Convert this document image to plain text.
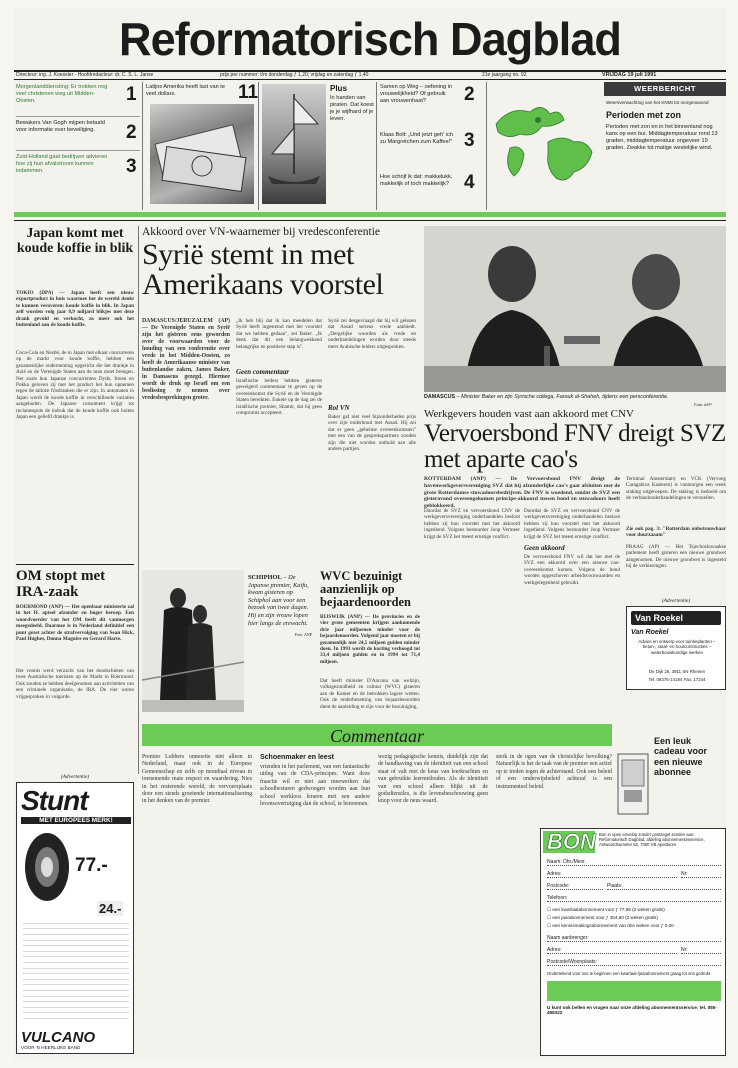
Reformatorisch Dagblad
Directeur: ing. J. Koessler - Hoofdredacteur: dr. C. S. L. Janse	prijs per nummer: t/m donderdag ƒ 1,20; vrijdag en zaterdag ƒ 1,40	21e jaargang no. 92	VRIJDAG 19 juli 1991
Morgenlanddiensting: Er trokken nog veel christenen weg uit Midden-Oosten.	1
Bewakers Van Gogh mijpen betaald voor informatie over beveiliging.	2
Zuid-Holland gaat bedrijven advieren hoe zij hun afvalstroom kunnen indammen.	3
Latijns Amerika heeft last van te veel dollars.	11	Plus
In handen van piraten. Dat koest je je wijfhard of je leven.
Samen op Weg – oefening in vrouwelijkheid? Of gebruik aan vrouwenhaat?	2
Klaas Bolt: „Und jetzt geh' ich zu Margretchen zum Kaffee!" 3
Hoe schrijf ik dat: makkelukk, makkelijk of toch makkelijk? 4
WEERBERICHT
Weersverwachting van het KNMI tot morgenavond
Perioden met zon
Perioden met zon en in het binnenland nog kans op een bui. Middagtemperatuur rond 13 graden, middagtemperatuur ongeveer 19 graden. Zwakke tot matige westelijke wind.
Japan komt met koude koffie in blik
TOKIO (DPA) — Japan heeft een nieuw exportproduct in huis waarmee het de wereld denkt te kunnen veroveren: koude koffie in blik. In Japan zelf worden volg jaar 8,9 miljard blikjes met deze drank gevuld en verkocht, zo meer ook het buitenland aan de koude koffie.
Coca-Cola en Nestlé, de in Japan met elkaar concurreren op de markt voor koude koffie, hebben een gezamenlijke onderneming opgericht die het drankje in Azië en de Verenigde Staten aan de man moet brengen. Net zoals hun Japanse concurrenten Dydo, Ittoen en Pokka geloven zij met het product het hun opnemen tegen de talloze frisdranken die er zijn. In automaten in Japan wordt de koude koffie in verschillende variaties aangeboden. De Japanse consument krijgt tot reclamespots de indruk dat de koude koffie ook buiten Japan een geliefd drankje is.
OM stopt met IRA-zaak
ROERMOND (ANP) — Het openbaar ministerie zal in het H. apteel afzonder en hoger beroep. Een woordvoerder van het OM heeft dit vanmorgen meegedeeld. Daarmee is in Nederland definitief een punt gezet achter de strafvervolging van Sean Hick, Paul Hughes, Donna Maguire en Gerard Harte.
Het vonnis werd verzacht van het doodschieten van twee Australische toeristen op de Markt in Roermond. Ook zouden ze hebben deelgenomen aan activiteiten van een criminele organisatie, de IRA. De vier waren vrijgesproken in volgorde.
Akkoord over VN-waarnemer bij vredesconferentie
Syrië stemt in met Amerikaans voorstel
DAMASCUS/JERUZALEM (AP) — De Verenigde Staten en Syrië zijn het gisteren eens geworden over de voorwaarden voor de houding van een conferentie over vrede in het Midden-Oosten, zo heeft de Amerikaanse minister van buitenlandse zaken, James Baker, in Damascus gezegd. Hiermee wordt de druk op Israël om een beslissing te nemen over vredesbesprekingen groter.
„Ik heb blij dat ik kan meedelen dat Syrië heeft ingestemd met het voorstel dat we hebben gedaan", zei Baker. „Ik denk dat dit een belangwekkend belangrijke en positieve stap is".
Geen commentaar
Israëlische leiders hebben gisteren geweigerd commentaar te geven op de overeenkomst die Syrië en de Verenigde Staten bereikten. Enkele op de dag zei de Israëlische premier, Shamir, dat hij geen compromis accepteert.
Syrië zei desgevraagd dat hij wil gelezen dat Assad serieus vrede aanbiedt. „Dergelijke woorden als vrede en onderhandelingen worden door steeds meer Arabische leiders uitgesproken.
Rol VN
Baker gaf niet veel bijzonderheden prijs over zijn onderhoud met Assad. Hij zei dat er geen „geheime overeenkomsten" met een van de gesprekspartners zouden zijn die niet worden onthuld aan alle andere partijen.
DAMASCUS – Minister Baker en zijn Syrische collega, Farouk al-Shaheh, tijdens een persconferentie.
Foto: AFP
Werkgevers houden vast aan akkoord met CNV
Vervoersbond FNV dreigt SVZ met aparte cao's
ROTTERDAM (ANP) — De Vervoersbond FNV dreigt de havenwerkgeversvereniging SVZ dat hij afzonderlijke cao's gaat afsluiten met de grote Rotterdamse stuwadoorsbedrijven. De FNV is woedend, omdat de SVZ een gisteravond overeengekomen principe-akkoord tussen bond en stuwadoors heeft geblokkeerd.
Doordat de SVZ en vervoersbond CNV de werkgeversvereniging onderhandelen besloot hebben zij hun voorstel met het akkoord ingediend. Volgens bestuurder Joop Vermeer krijgt de SVZ het meest ernstige conflict.
Doordat de SVZ en vervoersbond CNV de werkgeversvereniging onderhandelen besloot hebben zij hun voorstel met het akkoord ingediend. Volgens bestuurder Joop Vermeer krijgt de SVZ het meest ernstige conflict.
Geen akkoord
De vervoersbond FNV wil dat het met de SVZ een akkoord over een nieuwe cao-overeenkomst komen. Volgens de bond worden opgeschoven arbeidsvoorwaarden en werkgelegenheid gebruikt.
Terminal Amsterdam) en VCK (Vervoeg Caragahrus Kasteren) is vanmorgen een week staking uitgeroepen. De staking is bedoeld om de verbandonderhandelingen te versnellen.
Zie ook pag. 3: "Rotterdam onbetrouwbaar voor duurzaaam"
PRAAG (AP) — Het Tsjechoslowaakse parlement heeft gisteren een nieuwe grondwet aangenomen. De nieuwe grondwet is ingesteld bij de verkiezingen.
(Advertentie)
Van Roekel
Van Roekel
Advies en ontwerp voor tuinbeplanten – beton-, staal- en houtconstructies – waterbouwkundige werken
De Dijk 26, 3911 SN Rhenen
Tel. 08376-14184 Fax: 17244
SCHIPHOL – De Japanse premier, Kaifu, kwam gisteren op Schiphol aan voor een bezoek van twee dagen. Hij en zijn vrouw lopen hier langs de erewacht.
Foto: ANP
WVC bezuinigt aanzienlijk op bejaardenoorden
RIJSWIJK (ANP) — De provincies en de vier grote gemeenten krijgen aankomende drie jaar miljoenen minder voor de bejaardenoorden. Volgend jaar moeten er bij gezamenlijk met 24,5 miljoen gulden minder doen. In 1993 wordt de korting verhoogd tot 33,4 miljoen gulden en in 1994 tot 71,4 miljoen.
Dat heeft minister D'Ancona van welzijn, volksgezondheid en cultuur (WVC) gisteren aan de Kamer en de betrokken lagere wetten. Ook de onderbezetting van bejaardenoorden dient de aanleiding te zijn voor de bezuiniging.
Commentaar
Premier Lubbers onmoette niet alleen in Nederland, maar ook in de Europese Gemeenschap en zelfs op mondiaal niveau in toenemende mate respect en waardering. Nies in het resterende wereld, de vervoersplaats door een steeds groeiende internationalisering in het denken van de premier.
Schoenmaker en leest
vrienden in het parlement, van een fantastische uitleg van de CDA-principes. Want deze fraactie wil er niet aan meewerken dat schoolbesturen gedwongen worden aan hun school werkloos leraren met een andere levensovertuiging dan de school, te benoemen.
wezig pedagogische kennis, duidelijk zijn dat de handhaving van de identiteit van een school staat of valt met de keus van leerkrachten en van gebruikte leermethoden. Als de identiteit van een school alleen blijkt uit de godsdienstles, is die levensbeschouwing geen knop voor de neus waard.
sterk in de ogen van de christelijke bevolking? Natuurlijk is het de taak van de premier een actief op te treden tegen de achterstand. Ook een beleid of een onderwijsbeleid achteraf is een instrumenteel beleid.
(Advertentie)
Stunt
MET EUROPEES MERK!
77.-
24.-
VULCANO
VOOR 'N HEERLIJKE BAND
Een leuk cadeau voor een nieuwe abonnee
BON Bon in open envelop zonder postzegel zenden aan: Reformatorisch Dagblad, afdeling abonnementenservice, Antwoordnummer 52, 7300 VB Apeldoorn
Naam: Dhr./Mevr.
Adres:	Nr:
Postcode:	Plaats:
Telefoon:
☐ een kwartaalabonnement voor ƒ 77,65 (2 weken gratis)
☐ een jaarabonnement voor ƒ 304,60 (2 weken gratis)
☐ een kennismakingsabonnement van drie weken voor ƒ 0,00
Naam aanbrenger:
Adres:	Nr:
Postcode/Woonplaats:
Ondertekend voor ons te beginnen een kwartaal-/jaarabonnement graag tot ons gedrukt
U kunt ook bellen en vragen naar onze afdeling abonnementsservice: tel. 055-496322
